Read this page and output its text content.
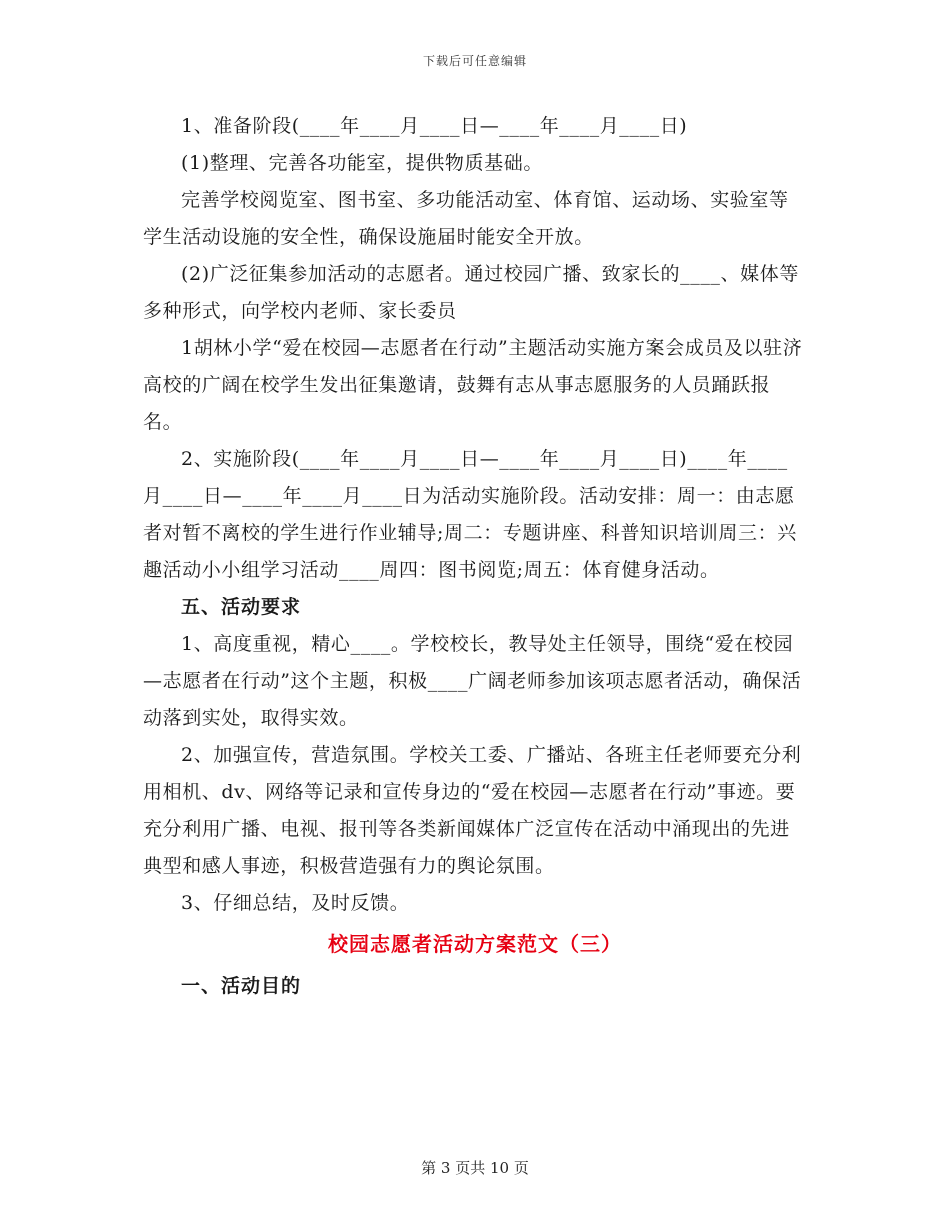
下载后可任意编辑

1、准备阶段(____年____月____日—____年____月____日)

(1)整理、完善各功能室，提供物质基础。

完善学校阅览室、图书室、多功能活动室、体育馆、运动场、实验室等学生活动设施的安全性，确保设施届时能安全开放。

(2)广泛征集参加活动的志愿者。通过校园广播、致家长的____、媒体等多种形式，向学校内老师、家长委员

1胡林小学“爱在校园—志愿者在行动”主题活动实施方案会成员及以驻济高校的广阔在校学生发出征集邀请，鼓舞有志从事志愿服务的人员踊跃报名。

2、实施阶段(____年____月____日—____年____月____日)____年____月____日—____年____月____日为活动实施阶段。活动安排：周一：由志愿者对暂不离校的学生进行作业辅导;周二：专题讲座、科普知识培训周三：兴趣活动小小组学习活动____周四：图书阅览;周五：体育健身活动。

五、活动要求

1、高度重视，精心____。学校校长，教导处主任领导，围绕“爱在校园—志愿者在行动”这个主题，积极____广阔老师参加该项志愿者活动，确保活动落到实处，取得实效。

2、加强宣传，营造氛围。学校关工委、广播站、各班主任老师要充分利用相机、dv、网络等记录和宣传身边的“爱在校园—志愿者在行动”事迹。要充分利用广播、电视、报刊等各类新闻媒体广泛宣传在活动中涌现出的先进典型和感人事迹，积极营造强有力的舆论氛围。

3、仔细总结，及时反馈。

校园志愿者活动方案范文（三）

一、活动目的

第 3 页共 10 页
